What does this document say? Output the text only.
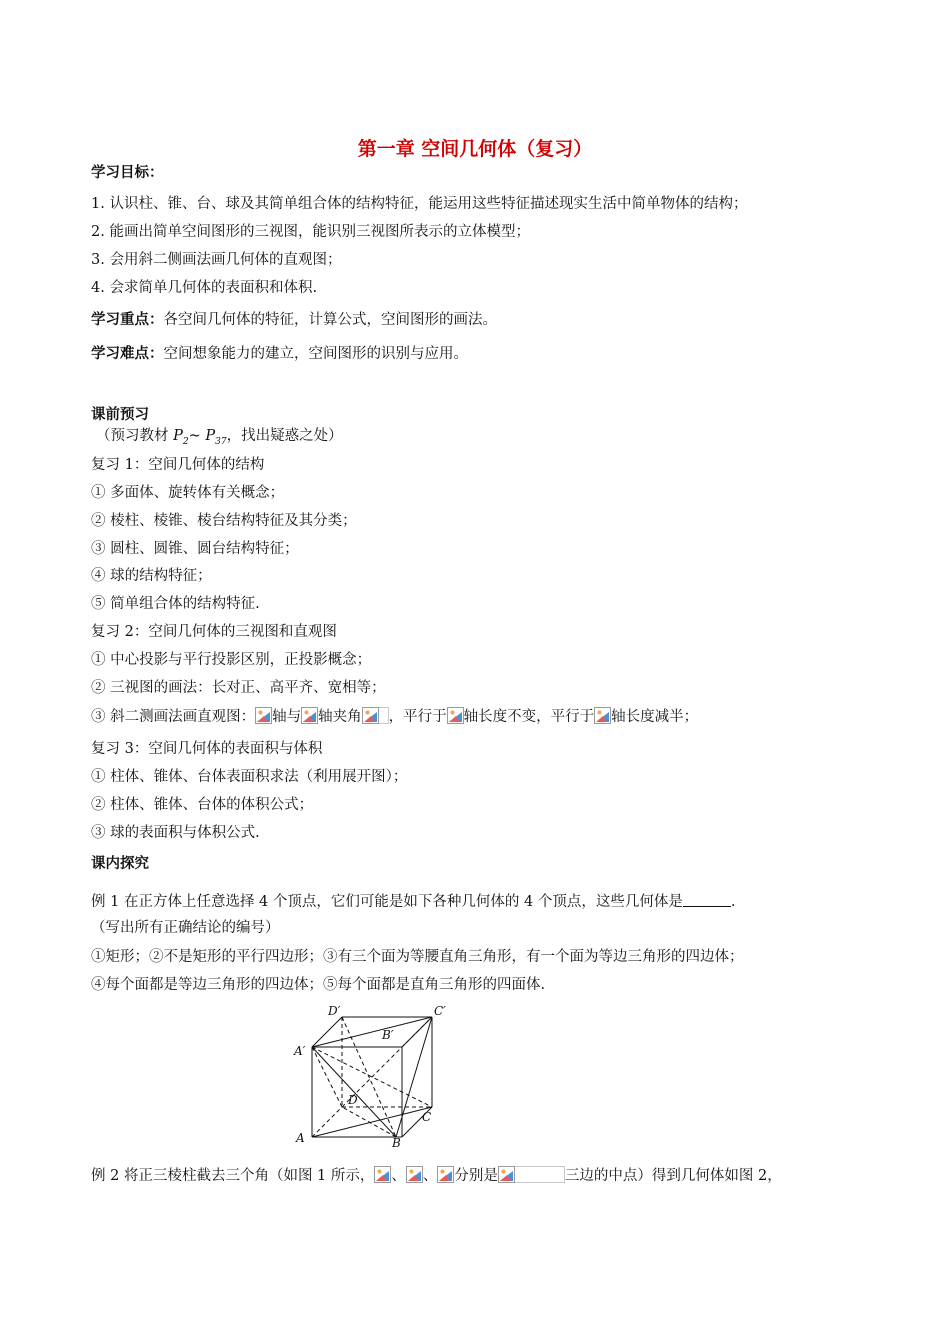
第一章 空间几何体（复习）
学习目标：
1. 认识柱、锥、台、球及其简单组合体的结构特征，能运用这些特征描述现实生活中简单物体的结构；
2. 能画出简单空间图形的三视图，能识别三视图所表示的立体模型；
3. 会用斜二侧画法画几何体的直观图；
4. 会求简单几何体的表面积和体积.
学习重点：各空间几何体的特征，计算公式，空间图形的画法。
学习难点：空间想象能力的建立，空间图形的识别与应用。
课前预习
（预习教材 $P_2\sim$ $P_{37}$，找出疑惑之处）
复习 1：空间几何体的结构
① 多面体、旋转体有关概念；
② 棱柱、棱锥、棱台结构特征及其分类；
③ 圆柱、圆锥、圆台结构特征；
④ 球的结构特征；
⑤ 简单组合体的结构特征.
复习 2：空间几何体的三视图和直观图
① 中心投影与平行投影区别，正投影概念；
② 三视图的画法：长对正、高平齐、宽相等；
③ 斜二测画法画直观图： 轴与 轴夹角 ，平行于 轴长度不变，平行于 轴长度减半；
复习 3：空间几何体的表面积与体积
① 柱体、锥体、台体表面积求法（利用展开图）；
② 柱体、锥体、台体的体积公式；
③ 球的表面积与体积公式.
课内探究
例 1 在正方体上任意选择 4 个顶点，它们可能是如下各种几何体的 4 个顶点，这些几何体是	.
（写出所有正确结论的编号）
①矩形；②不是矩形的平行四边形；③有三个面为等腰直角三角形，有一个面为等边三角形的四边体；
④每个面都是等边三角形的四边体；⑤每个面都是直角三角形的四面体.
D′	C′
B′
A′
D
C
A	B
例 2 将正三棱柱截去三个角（如图 1 所示， 、 、 分别是	三边的中点）得到几何体如图 2，
